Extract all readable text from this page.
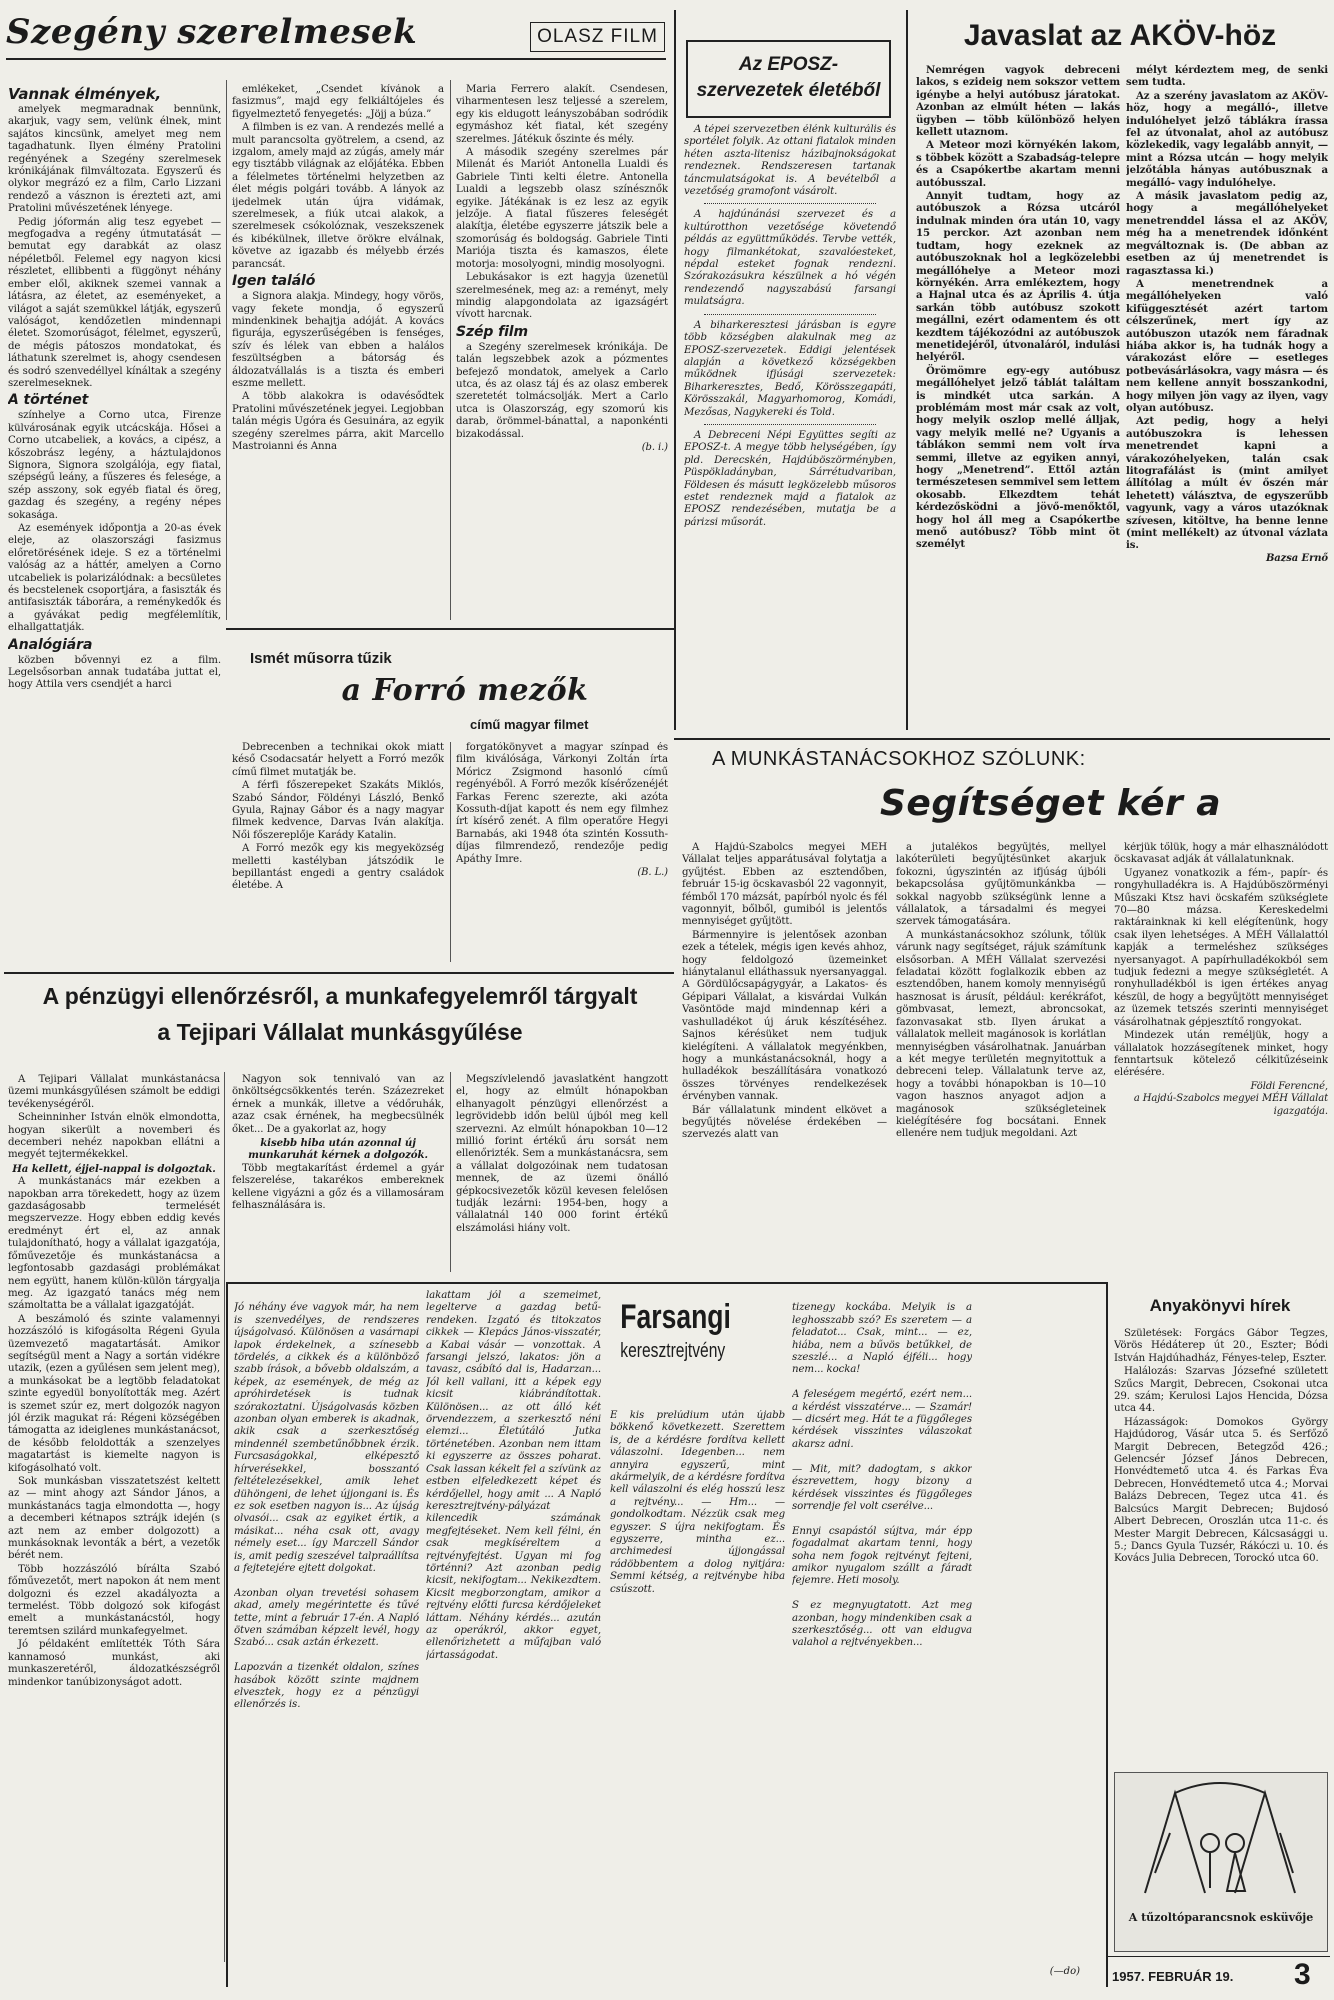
Szegény szerelmesek	OLASZ FILM
Vannak élmények,

amelyek megmaradnak bennünk, akarjuk, vagy sem, velünk élnek, mint sajátos kincsünk, amelyet meg nem tagadhatunk. Ilyen élmény Pratolini regényének a Szegény szerelmesek krónikájának filmváltozata. Egyszerű és olykor megrázó ez a film, Carlo Lizzani rendező a vásznon is érezteti azt, ami Pratolini művészetének lényege.

Pedig jóformán alig tesz egyebet — megfogadva a regény útmutatását — bemutat egy darabkát az olasz népéletből. Felemel egy nagyon kicsi részletet, ellibbenti a függönyt néhány ember elől, akiknek szemei vannak a látásra, az életet, az eseményeket, a világot a saját szemükkel látják, egyszerű valóságot, kendőzetlen mindennapi életet. Szomorúságot, félelmet, egyszerű, de mégis pátoszos mondatokat, és láthatunk szerelmet is, ahogy csendesen és sodró szenvedéllyel kínáltak a szegény szerelmeseknek.

A történet

színhelye a Corno utca, Firenze külvárosának egyik utcácskája. Hősei a Corno utcabeliek, a kovács, a cipész, a kőszobrász legény, a háztulajdonos Signora, Signora szolgálója, egy fiatal, szépségű leány, a fűszeres és felesége, a szép asszony, sok egyéb fiatal és öreg, gazdag és szegény, a regény népes sokasága.

Az események időpontja a 20-as évek eleje, az olaszországi fasizmus előretörésének ideje. S ez a történelmi valóság az a háttér, amelyen a Corno utcabeliek is polarizálódnak: a becsületes és becstelenek csoportjára, a fasiszták és antifasiszták táborára, a reménykedők és a gyávákat pedig megfélemlítik, elhallgattatják.

Analógiára

közben bővennyi ez a film. Legelsősorban annak tudatába juttat el, hogy Attila vers csendjét a harci

emlékeket, „Csendet kívánok a fasizmus”, majd egy felkiáltójeles és figyelmeztető fenyegetés: „Jöjj a búza.”

A filmben is ez van. A rendezés mellé a mult parancsolta gyötrelem, a csend, az izgalom, amely majd az zúgás, amely már egy tisztább világnak az előjátéka. Ebben a félelmetes történelmi helyzetben az élet mégis polgári tovább. A lányok az ijedelmek után újra vidámak, szerelmesek, a fiúk utcai alakok, a szerelmesek csókolóznak, veszekszenek és kibékülnek, illetve örökre elválnak, követve az igazabb és mélyebb érzés parancsát.

Igen találó

a Signora alakja. Mindegy, hogy vörös, vagy fekete mondja, ő egyszerű mindenkinek behajtja adóját. A kovács figurája, egyszerűségében is fenséges, szív és lélek van ebben a halálos feszültségben a bátorság és áldozatvállalás is a tiszta és emberi eszme mellett.

A több alakokra is odavésődtek Pratolini művészetének jegyei. Legjobban talán mégis Ugóra és Gesuinára, az egyik szegény szerelmes párra, akit Marcello Mastroianni és Anna

Maria Ferrero alakít. Csendesen, viharmentesen lesz teljessé a szerelem, egy kis eldugott leányszobában sodródik egymáshoz két fiatal, két szegény szerelmes. Játékuk őszinte és mély.

A második szegény szerelmes pár Milenát és Mariót Antonella Lualdi és Gabriele Tinti kelti életre. Antonella Lualdi a legszebb olasz színésznők egyike. Játékának is ez lesz az egyik jelzője. A fiatal fűszeres feleségét alakítja, életébe egyszerre játszik bele a szomorúság és boldogság. Gabriele Tinti Mariója tiszta és kamaszos, élete motorja: mosolyogni, mindig mosolyogni.

Lebukásakor is ezt hagyja üzenetül szerelmesének, meg az: a reményt, mely mindig alapgondolata az igazságért vívott harcnak.

Szép film

a Szegény szerelmesek krónikája. De talán legszebbek azok a pózmentes befejező mondatok, amelyek a Carlo utca, és az olasz táj és az olasz emberek szeretetét tolmácsolják. Mert a Carlo utca is Olaszország, egy szomorú kis darab, örömmel-bánattal, a naponkénti bizakodással.

(b. i.)
Az EPOSZ-szervezetek életéből

A tépei szervezetben élénk kulturális és sportélet folyik. Az ottani fiatalok minden héten aszta-litenisz házibajnokságokat rendeznek. Rendszeresen tartanak táncmulatságokat is. A bevételből a vezetőség gramofont vásárolt.

A hajdúnánási szervezet és a kultúrotthon vezetősége követendő példás az együttműködés. Tervbe vették, hogy filmankétokat, szavalóesteket, népdal esteket fognak rendezni. Szórakozásukra készülnek a hó végén rendezendő nagyszabású farsangi mulatságra.

A biharkeresztesi járásban is egyre több községben alakulnak meg az EPOSZ-szervezetek. Eddigi jelentések alapján a következő községekben működnek ifjúsági szervezetek: Biharkeresztes, Bedő, Körösszegapáti, Körösszakál, Magyarhomorog, Komádi, Mezősas, Nagykereki és Told.

A Debreceni Népi Együttes segíti az EPOSZ-t. A megye több helységében, így pld. Derecskén, Hajdúböszörményben, Püspökladányban, Sárrétudvariban, Földesen és másutt legközelebb műsoros estet rendeznek majd a fiatalok az EPOSZ rendezésében, mutatja be a párizsi műsorát.

Javaslat az AKÖV-höz

Nemrégen vagyok debreceni lakos, s ezideig nem sokszor vettem igénybe a helyi autóbusz járatokat. Azonban az elmúlt héten — lakás ügyben — több különböző helyen kellett utaznom.

A Meteor mozi környékén lakom, s többek között a Szabadság-telepre és a Csapókertbe akartam menni autóbusszal.

Annyit tudtam, hogy az autóbuszok a Rózsa utcáról indulnak minden óra után 10, vagy 15 perckor. Azt azonban nem tudtam, hogy ezeknek az autóbuszoknak hol a legközelebbi megállóhelye a Meteor mozi környékén. Arra emlékeztem, hogy a Hajnal utca és az Április 4. útja sarkán több autóbusz szokott megállni, ezért odamentem és ott kezdtem tájékozódni az autóbuszok menetidejéről, útvonaláról, indulási helyéről.

Örömömre egy-egy autóbusz megállóhelyet jelző táblát találtam is mindkét utca sarkán. A problémám most már csak az volt, hogy melyik oszlop mellé álljak, vagy melyik mellé ne? Ugyanis a táblákon semmi nem volt írva semmi, illetve az egyiken annyi, hogy „Menetrend”. Ettől aztán természetesen semmivel sem lettem okosabb. Elkezdtem tehát kérdezősködni a jövő-menőktől, hogy hol áll meg a Csapókertbe menő autóbusz? Több mint öt személyt

mélyt kérdeztem meg, de senki sem tudta.

Az a szerény javaslatom az AKÖV-höz, hogy a megálló-, illetve indulóhelyet jelző táblákra írassa fel az útvonalat, ahol az autóbusz közlekedik, vagy legalább annyit, — mint a Rózsa utcán — hogy melyik jelzőtábla hányas autóbusznak a megálló- vagy indulóhelye.

A másik javaslatom pedig az, hogy a megállóhelyeket menetrenddel lássa el az AKÖV, még ha a menetrendek időnként megváltoznak is. (De abban az esetben az új menetrendet is ragasztassa ki.)

A menetrendnek a megállóhelyeken való kifüggesztését azért tartom célszerűnek, mert így az autóbuszon utazók nem fáradnak hiába akkor is, ha tudnák hogy a várakozást előre — esetleges potbevásárlásokra, vagy másra — és nem kellene annyit bosszankodni, hogy milyen jön vagy az ilyen, vagy olyan autóbusz.

Azt pedig, hogy a helyi autóbuszokra is lehessen menetrendet kapni a várakozóhelyeken, talán csak litografálást is (mint amilyet állítólag a múlt év őszén már lehetett) válásztva, de egyszerűbb vagyunk, vagy a város utazóknak szívesen, kitöltve, ha benne lenne (mint mellékelt) az útvonal vázlata is.

Bazsa Ernő
Ismét műsorra tűzik
a Forró mezők
című magyar filmet

Debrecenben a technikai okok miatt késő Csodacsatár helyett a Forró mezők című filmet mutatják be.

A férfi főszerepeket Szakáts Miklós, Szabó Sándor, Földényi László, Benkő Gyula, Rajnay Gábor és a nagy magyar filmek kedvence, Darvas Iván alakítja. Női főszereplője Karády Katalin.

A Forró mezők egy kis megyeközség melletti kastélyban játszódik le bepillantást engedi a gentry családok életébe. A

forgatókönyvet a magyar színpad és film kiválósága, Várkonyi Zoltán írta Móricz Zsigmond hasonló című regényéből. A Forró mezők kísérőzenéjét Farkas Ferenc szerezte, aki azóta Kossuth-díjat kapott és nem egy filmhez írt kísérő zenét. A film operatőre Hegyi Barnabás, aki 1948 óta szintén Kossuth-díjas filmrendező, rendezője pedig Apáthy Imre.

(B. L.)
A MUNKÁSTANÁCSOKHOZ SZÓLUNK:
Segítséget kér a

A Hajdú-Szabolcs megyei MÉH Vállalat teljes apparátusával folytatja a gyűjtést. Ebben az esztendőben, február 15-ig öcskavasból 22 vagonnyit, fémből 170 mázsát, papírból nyolc és fél vagonnyit, bőlből, gumiból is jelentős mennyiséget gyűjtött.

Bármennyire is jelentősek azonban ezek a tételek, mégis igen kevés ahhoz, hogy feldolgozó üzemeinket hiánytalanul elláthassuk nyersanyaggal. A Gördülőcsapágygyár, a Lakatos- és Gépipari Vállalat, a kisvárdai Vulkán Vasöntöde majd mindennap kéri a vashulladékot új áruk készítéséhez. Sajnos kérésüket nem tudjuk kielégíteni. A vállalatok megyénkben, hogy a munkástanácsoknál, hogy a hulladékok beszállítására vonatkozó összes törvényes rendelkezések érvényben vannak.

Bár vállalatunk mindent elkövet a begyűjtés növelése érdekében — szervezés alatt van

a jutalékos begyűjtés, mellyel lakóterületi begyűjtésünket akarjuk fokozni, úgyszintén az ifjúság újbóli bekapcsolása gyűjtömunkánkba — sokkal nagyobb szükségünk lenne a vállalatok, a társadalmi és megyei szervek támogatására.

A munkástanácsokhoz szólunk, tőlük várunk nagy segítséget, rájuk számítunk elsősorban. A MÉH Vállalat szervezési feladatai között foglalkozik ebben az esztendőben, hanem komoly mennyiségű hasznosat is árusít, például: kerékráfot, gömbvasat, lemezt, abroncsokat, fazonvasakat stb. Ilyen árukat a vállalatok melleit magánosok is korlátlan mennyiségben vásárolhatnak. Januárban a két megye területén megnyitottuk a debreceni telep. Vállalatunk terve az, hogy a további hónapokban is 10—10 vagon hasznos anyagot adjon a magánosok szükségleteinek kielégítésére fog bocsátani. Ennek ellenére nem tudjuk megoldani. Azt

kérjük tőlük, hogy a már elhasználódott öcskavasat adják át vállalatunknak.

Ugyanez vonatkozik a fém-, papír- és rongyhulladékra is. A Hajdúböszörményi Műszaki Ktsz havi öcskafém szükséglete 70—80 mázsa. Kereskedelmi raktárainknak ki kell elégítenünk, hogy csak ilyen lehetséges. A MÉH Vállalattól kapják a termeléshez szükséges nyersanyagot. A papírhulladékokból sem tudjuk fedezni a megye szükségletét. A ronyhulladékból is igen értékes anyag készül, de hogy a begyűjtött mennyiséget az üzemek tetszés szerinti mennyiséget vásárolhatnak gépjesztítő rongyokat.

Mindezek után reméljük, hogy a vállalatok hozzásegítenek minket, hogy fenntartsuk kötelező célkitűzéseink elérésére.

Földi Ferencné,
a Hajdú-Szabolcs megyei MÉH Vállalat igazgatója.
A pénzügyi ellenőrzésről, a munkafegyelemről tárgyalt
a Tejipari Vállalat munkásgyűlése

A Tejipari Vállalat munkástanácsa üzemi munkásgyűlésen számolt be eddigi tevékenységéről.

Scheinninher István elnök elmondotta, hogyan sikerült a novemberi és decemberi nehéz napokban ellátni a megyét tejtermékekkel.

Ha kellett, éjjel-nappal is dolgoztak.

A munkástanács már ezekben a napokban arra törekedett, hogy az üzem gazdaságosabb termelését megszervezze. Hogy ebben eddig kevés eredményt ért el, az annak tulajdonítható, hogy a vállalat igazgatója, főművezetője és munkástanácsa a legfontosabb gazdasági problémákat nem együtt, hanem külön-külön tárgyalja meg. Az igazgató tanács még nem számoltatta be a vállalat igazgatóját.

A beszámoló és szinte valamennyi hozzászóló is kifogásolta Régeni Gyula üzemvezető magatartását. Amikor segítségül ment a Nagy a sortán vidékre utazik, (ezen a gyűlésen sem jelent meg), a munkásokat be a legtöbb feladatokat szinte egyedül bonyolították meg. Azért is szemet szúr ez, mert dolgozók nagyon jól érzik magukat rá: Régeni községében támogatta az ideiglenes munkástanácsot, de később feloldották a szenzelyes magatartást is kiemelte nagyon is kifogásolható volt.

Sok munkásban visszatetszést keltett az — mint ahogy azt Sándor János, a munkástanács tagja elmondotta —, hogy a decemberi kétnapos sztrájk idején (s azt nem az ember dolgozott) a munkásoknak levonták a bért, a vezetők bérét nem.

Több hozzászóló bírálta Szabó főművezetőt, mert napokon át nem ment dolgozni és ezzel akadályozta a termelést. Több dolgozó sok kifogást emelt a munkástanácstól, hogy teremtsen szilárd munkafegyelmet.

Jó példaként említették Tóth Sára kannamosó munkást, aki munkaszeretéről, áldozatkészségről mindenkor tanúbizonyságot adott.

Nagyon sok tennivaló van az önköltségcsökkentés terén. Százezreket érnek a munkák, illetve a védőruhák, azaz csak érnének, ha megbecsülnék őket... De a gyakorlat az, hogy

kisebb hiba után azonnal új munkaruhát kérnek a dolgozók.

Több megtakarítást érdemel a gyár felszerelése, takarékos embereknek kellene vigyázni a gőz és a villamosáram felhasználására is.

Megszívlelendő javaslatként hangzott el, hogy az elmúlt hónapokban elhanyagolt pénzügyi ellenőrzést a legrövidebb időn belül újból meg kell szervezni. Az elmúlt hónapokban 10—12 millió forint értékű áru sorsát nem ellenőrizték. Sem a munkástanácsra, sem a vállalat dolgozóinak nem tudatosan mennek, de az üzemi önálló gépkocsivezetők közül kevesen felelősen tudják lezárni: 1954-ben, hogy a vállalatnál 140 000 forint értékű elszámolási hiány volt.

Jó néhány éve vagyok már, ha nem is szenvedélyes, de rendszeres újságolvasó. Különösen a vasárnapi lapok érdekelnek, a színesebb tördelés, a cikkek és a különböző szabb írások, a bővebb oldalszám, a képek, az események, de még az apróhirdetések is tudnak szórakoztatni. Újságolvasás közben azonban olyan emberek is akadnak, akik csak a szerkesztőség mindennél szembetűnőbbnek érzik. Furcsaságokkal, elképesztő hírverésekkel, bosszantó feltételezésekkel, amik lehet dühöngeni, de lehet újjongani is. És ez sok esetben nagyon is... Az újság olvasói... csak az egyiket értik, a másikat... néha csak ott, avagy némely eset... így Marczell Sándor is, amit pedig szeszével talpraállítsa a fejtetejére ejtett dolgokat.

Azonban olyan trevetési sohasem akad, amely megérintette és tűvé tette, mint a február 17-én. A Napló ötven számában képzelt levél, hogy Szabó... csak aztán érkezett.

Lapozván a tizenkét oldalon, színes hasábok között szinte majdnem elvesztek, hogy ez a pénzügyi ellenőrzés is.

lakattam jól a szemeimet, legelterve a gazdag betű-rendeken. Izgató és titokzatos cikkek — Klepács János-visszatér, a Kabai vásár — vonzottak. A farsangi jelszó, lakatos: jön a tavasz, csábító dal is, Hadarzan... Jól kell vallani, itt a képek egy kicsit kiábrándítottak. Különösen... az ott álló két örvendezzem, a szerkesztő néni elemzi... Életútáló Jutka történetében. Azonban nem ittam ki egyszerre az összes poharat. Csak lassan kékelt fel a szívünk az estben elfeledkezett képet és kérdőjellel, hogy amit ... A Napló keresztrejtvény-pályázat kilencedik számának megfejtéseket. Nem kell félni, én csak megkíséreltem a rejtvényfejtést. Ugyan mi fog történni? Azt azonban pedig kicsit, nekifogtam... Nekikezdtem. Kicsit megborzongtam, amikor a rejtvény előtti furcsa kérdőjeleket láttam. Néhány kérdés... azután az operákról, akkor egyet, ellenőrizhetett a műfajban való jártasságodat.
Farsangi
keresztrejtvény
E kis prelúdium után újabb bökkenő következett. Szerettem is, de a kérdésre fordítva kellett válaszolni. Idegenben... nem annyira egyszerű, mint akármelyik, de a kérdésre fordítva kell válaszolni és elég hosszú lesz a rejtvény... — Hm... — gondolkodtam. Nézzük csak meg egyszer. S újra nekifogtam. És egyszerre, mintha ez... archimedesi újjongással rádöbbentem a dolog nyitjára: Semmi kétség, a rejtvénybe hiba csúszott.

tizenegy kockába. Melyik is a leghosszabb szó? Es szeretem — a feladatot... Csak, mint... — ez, hiába, nem a bűvös betűkkel, de szeszlé... a Napló éjféli... hogy nem... kocka!

A feleségem megértő, ezért nem... a kérdést visszatérve... — Szamár! — dicsért meg. Hát te a függőleges kérdések visszintes válaszokat akarsz adni.

— Mit, mit? dadogtam, s akkor észrevettem, hogy bizony a kérdések visszintes és függőleges sorrendje fel volt cserélve...

Ennyi csapástól sújtva, már épp fogadalmat akartam tenni, hogy soha nem fogok rejtvényt fejteni, amikor nyugalom szállt a fáradt fejemre. Heti mosoly.

S ez megnyugtatott. Azt meg azonban, hogy mindenkiben csak a szerkesztőség... ott van eldugva valahol a rejtvényekben...

(—do)
Anyakönyvi hírek

Születések: Forgács Gábor Tegzes, Vörös Hédáterep út 20., Eszter; Bódi István Hajdúhadház, Fényes-telep, Eszter.

Halálozás: Szarvas Józsefné született Szűcs Margit, Debrecen, Csokonai utca 29. szám; Kerulosi Lajos Hencida, Dózsa utca 44.

Házasságok: Domokos György Hajdúdorog, Vásár utca 5. és Serfőző Margit Debrecen, Betegződ 426.; Gelencsér József János Debrecen, Honvédtemető utca 4. és Farkas Éva Debrecen, Honvédtemető utca 4.; Morvai Balázs Debrecen, Tegez utca 41. és Balcsúcs Margit Debrecen; Bujdosó Albert Debrecen, Oroszlán utca 11-c. és Mester Margit Debrecen, Kálcsasággi u. 5.; Dancs Gyula Tuzsér, Rákóczi u. 10. és Kovács Julia Debrecen, Torockó utca 60.

A tűzoltóparancsnok esküvője
1957. FEBRUÁR 19.	3
